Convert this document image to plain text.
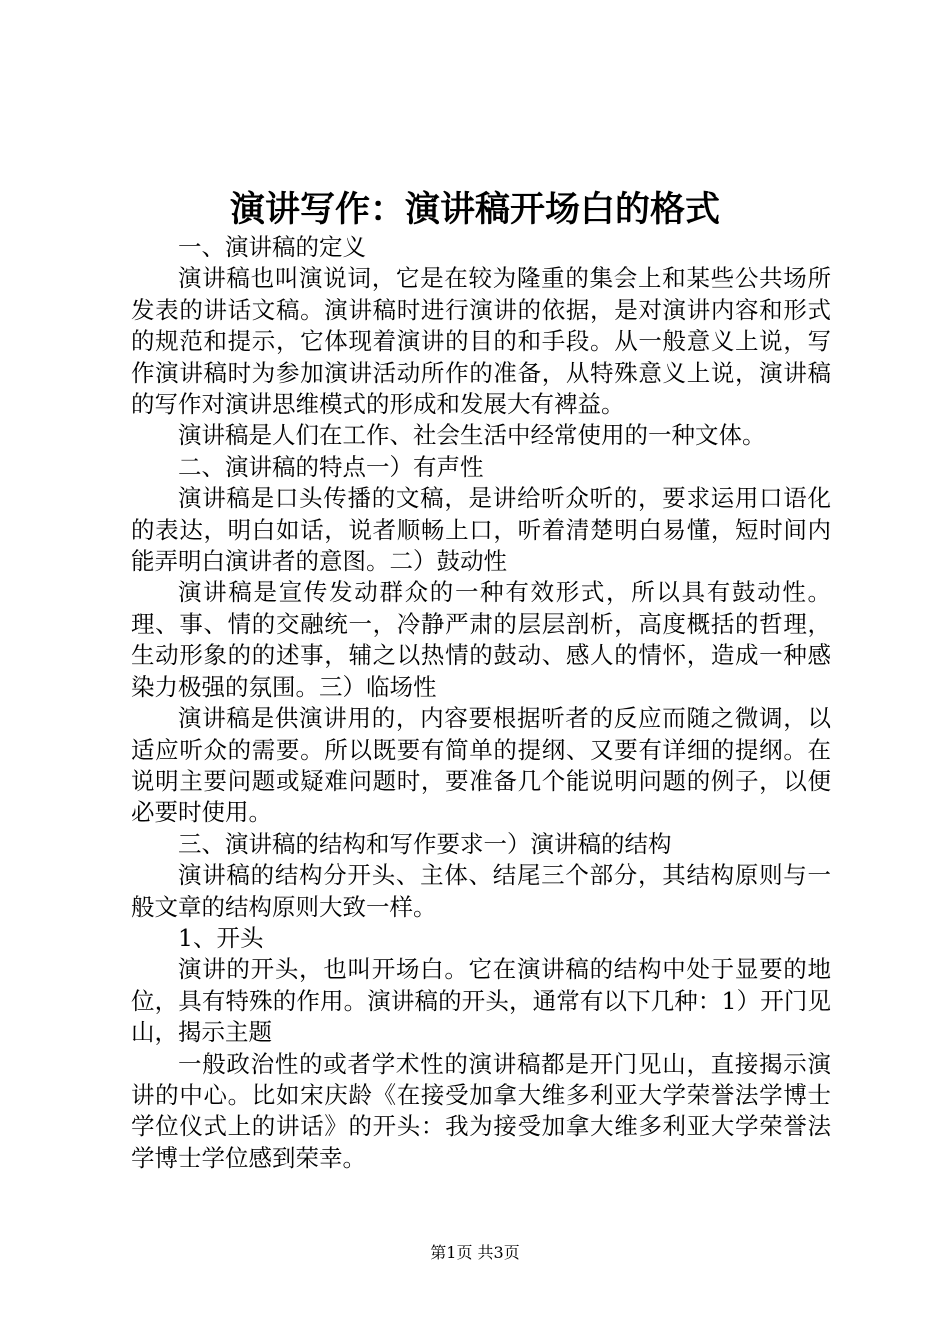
演讲写作：演讲稿开场白的格式

一、演讲稿的定义

演讲稿也叫演说词，它是在较为隆重的集会上和某些公共场所发表的讲话文稿。演讲稿时进行演讲的依据，是对演讲内容和形式的规范和提示，它体现着演讲的目的和手段。从一般意义上说，写作演讲稿时为参加演讲活动所作的准备，从特殊意义上说，演讲稿的写作对演讲思维模式的形成和发展大有裨益。

演讲稿是人们在工作、社会生活中经常使用的一种文体。

二、演讲稿的特点一）有声性

演讲稿是口头传播的文稿，是讲给听众听的，要求运用口语化的表达，明白如话，说者顺畅上口，听着清楚明白易懂，短时间内能弄明白演讲者的意图。二）鼓动性

演讲稿是宣传发动群众的一种有效形式，所以具有鼓动性。理、事、情的交融统一，冷静严肃的层层剖析，高度概括的哲理，生动形象的的述事，辅之以热情的鼓动、感人的情怀，造成一种感染力极强的氛围。三）临场性

演讲稿是供演讲用的，内容要根据听者的反应而随之微调，以适应听众的需要。所以既要有简单的提纲、又要有详细的提纲。在说明主要问题或疑难问题时，要准备几个能说明问题的例子，以便必要时使用。

三、演讲稿的结构和写作要求一）演讲稿的结构

演讲稿的结构分开头、主体、结尾三个部分，其结构原则与一般文章的结构原则大致一样。

1、开头

演讲的开头，也叫开场白。它在演讲稿的结构中处于显要的地位，具有特殊的作用。演讲稿的开头，通常有以下几种：1）开门见山，揭示主题

一般政治性的或者学术性的演讲稿都是开门见山，直接揭示演讲的中心。比如宋庆龄《在接受加拿大维多利亚大学荣誉法学博士学位仪式上的讲话》的开头：我为接受加拿大维多利亚大学荣誉法学博士学位感到荣幸。

第1页 共3页
